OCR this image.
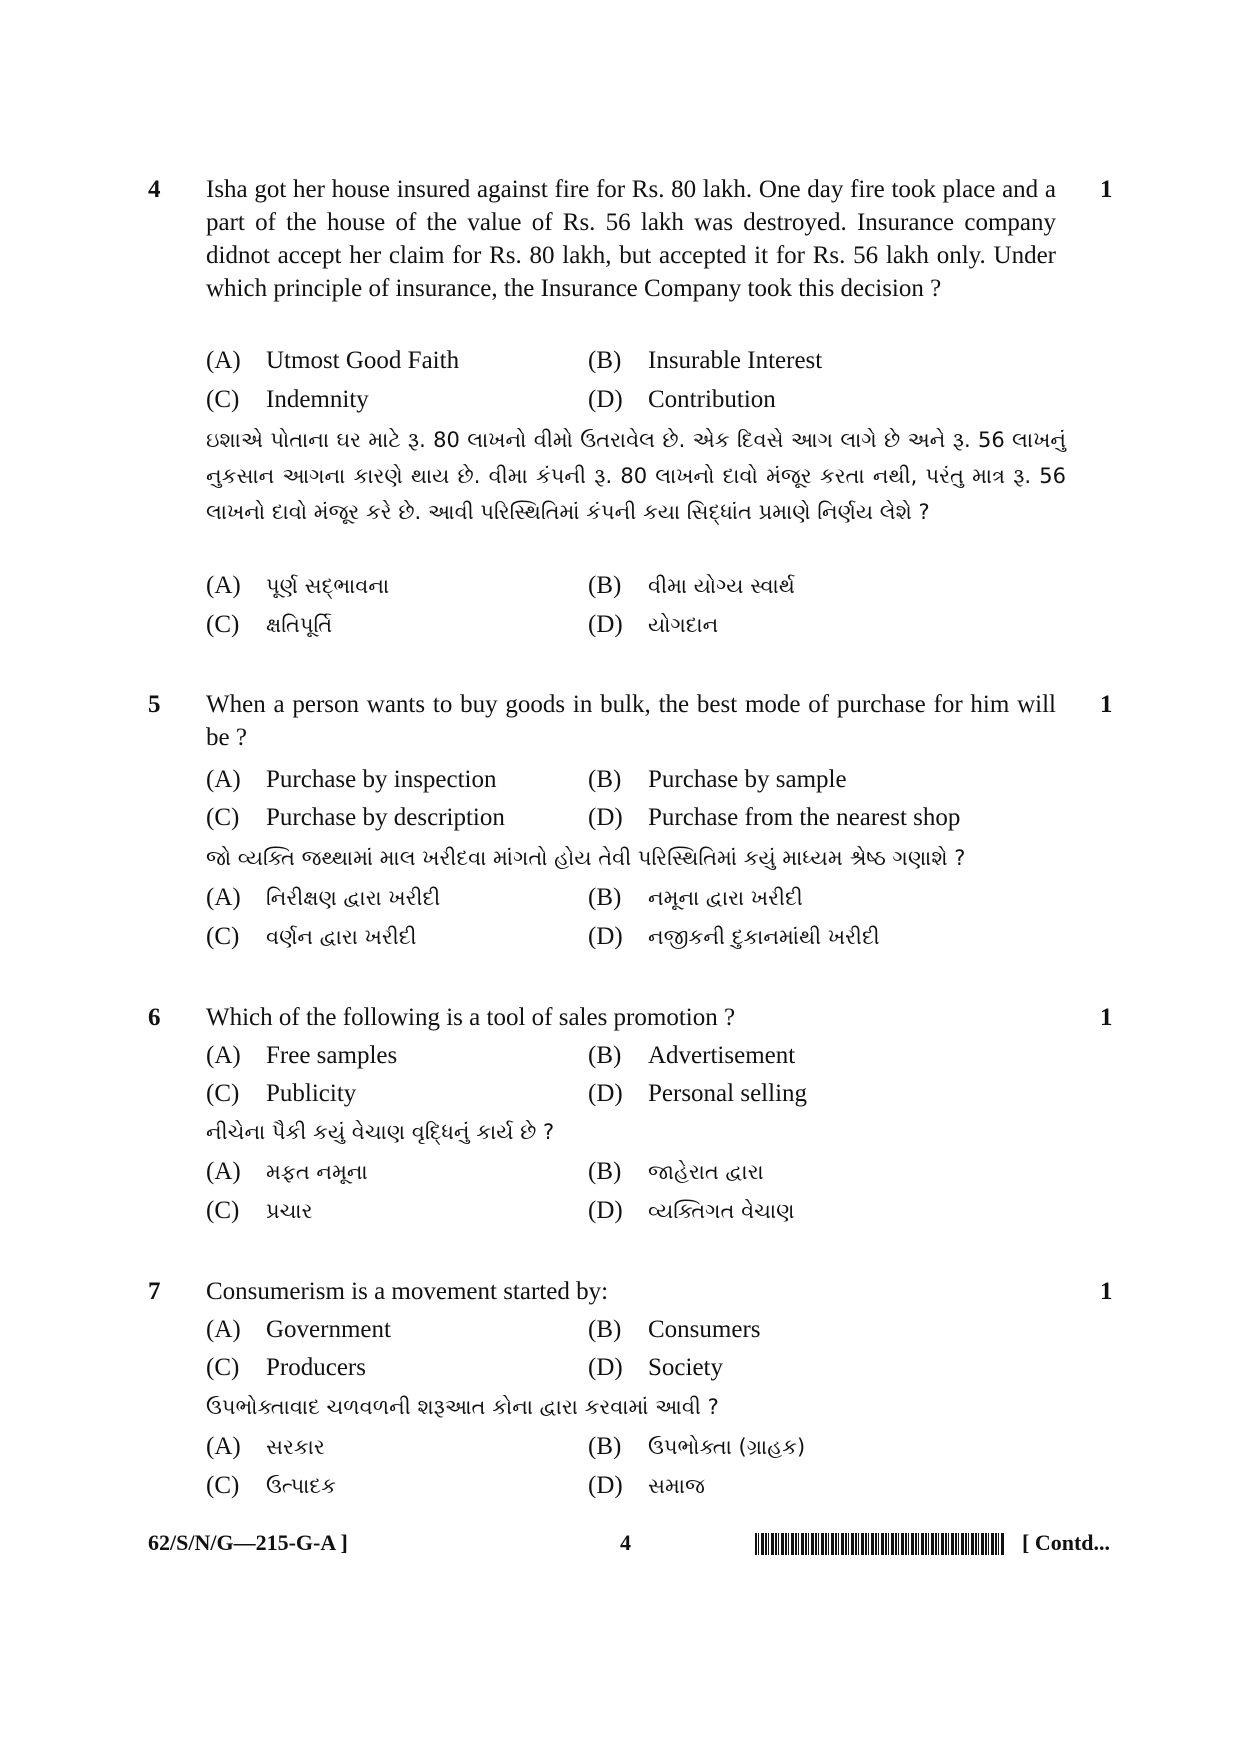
4 Isha got her house insured against fire for Rs. 80 lakh. One day fire took place and a part of the house of the value of Rs. 56 lakh was destroyed. Insurance company didnot accept her claim for Rs. 80 lakh, but accepted it for Rs. 56 lakh only. Under which principle of insurance, the Insurance Company took this decision ?
1
(A) Utmost Good Faith	(B) Insurable Interest
(C) Indemnity	(D) Contribution
ઇશાએ પોતાના ઘર માટે રૂ. 80 લાખનો વીમો ઉતરાવેલ છે. એક દિવસે આગ લાગે છે અને રૂ. 56 લાખનું નુકસાન આગના કારણે થાય છે. વીમા કંપની રૂ. 80 લાખનો દાવો મંજૂર કરતા નથી, પરંતુ માત્ર રૂ. 56 લાખનો દાવો મંજૂર કરે છે. આવી પરિસ્થિતિમાં કંપની કયા સિદ્ધાંત પ્રમાણે નિર્ણય લેશે ?
(A) પૂર્ણ સદ્ભાવના	(B) વીમા યોગ્ય સ્વાર્થ
(C) ક્ષતિપૂર્તિ	(D) યોગદાન
5 When a person wants to buy goods in bulk, the best mode of purchase for him will be ?
1
(A) Purchase by inspection	(B) Purchase by sample
(C) Purchase by description	(D) Purchase from the nearest shop
જો વ્યક્તિ જથ્થામાં માલ ખરીદવા માંગતો હોય તેવી પરિસ્થિતિમાં કયું માધ્યમ શ્રેષ્ઠ ગણાશે ?
(A) નિરીક્ષણ દ્વારા ખરીદી	(B) નમૂના દ્વારા ખરીદી
(C) વર્ણન દ્વારા ખરીદી	(D) નજીકની દુકાનમાંથી ખરીદી
6 Which of the following is a tool of sales promotion ?	1
(A) Free samples	(B) Advertisement
(C) Publicity	(D) Personal selling
નીચેના પૈકી કયું વેચાણ વૃદ્ધિનું કાર્ય છે ?
(A) મફત નમૂના	(B) જાહેરાત દ્વારા
(C) પ્રચાર	(D) વ્યક્તિગત વેચાણ
7 Consumerism is a movement started by:	1
(A) Government	(B) Consumers
(C) Producers	(D) Society
ઉપભોક્તાવાદ ચળવળની શરૂઆત કોના દ્વારા કરવામાં આવી ?
(A) સરકાર	(B) ઉપભોક્તા (ગ્રાહક)
(C) ઉત્પાદક	(D) સમાજ
62/S/N/G—215-G-A ]	4	[ Contd...
